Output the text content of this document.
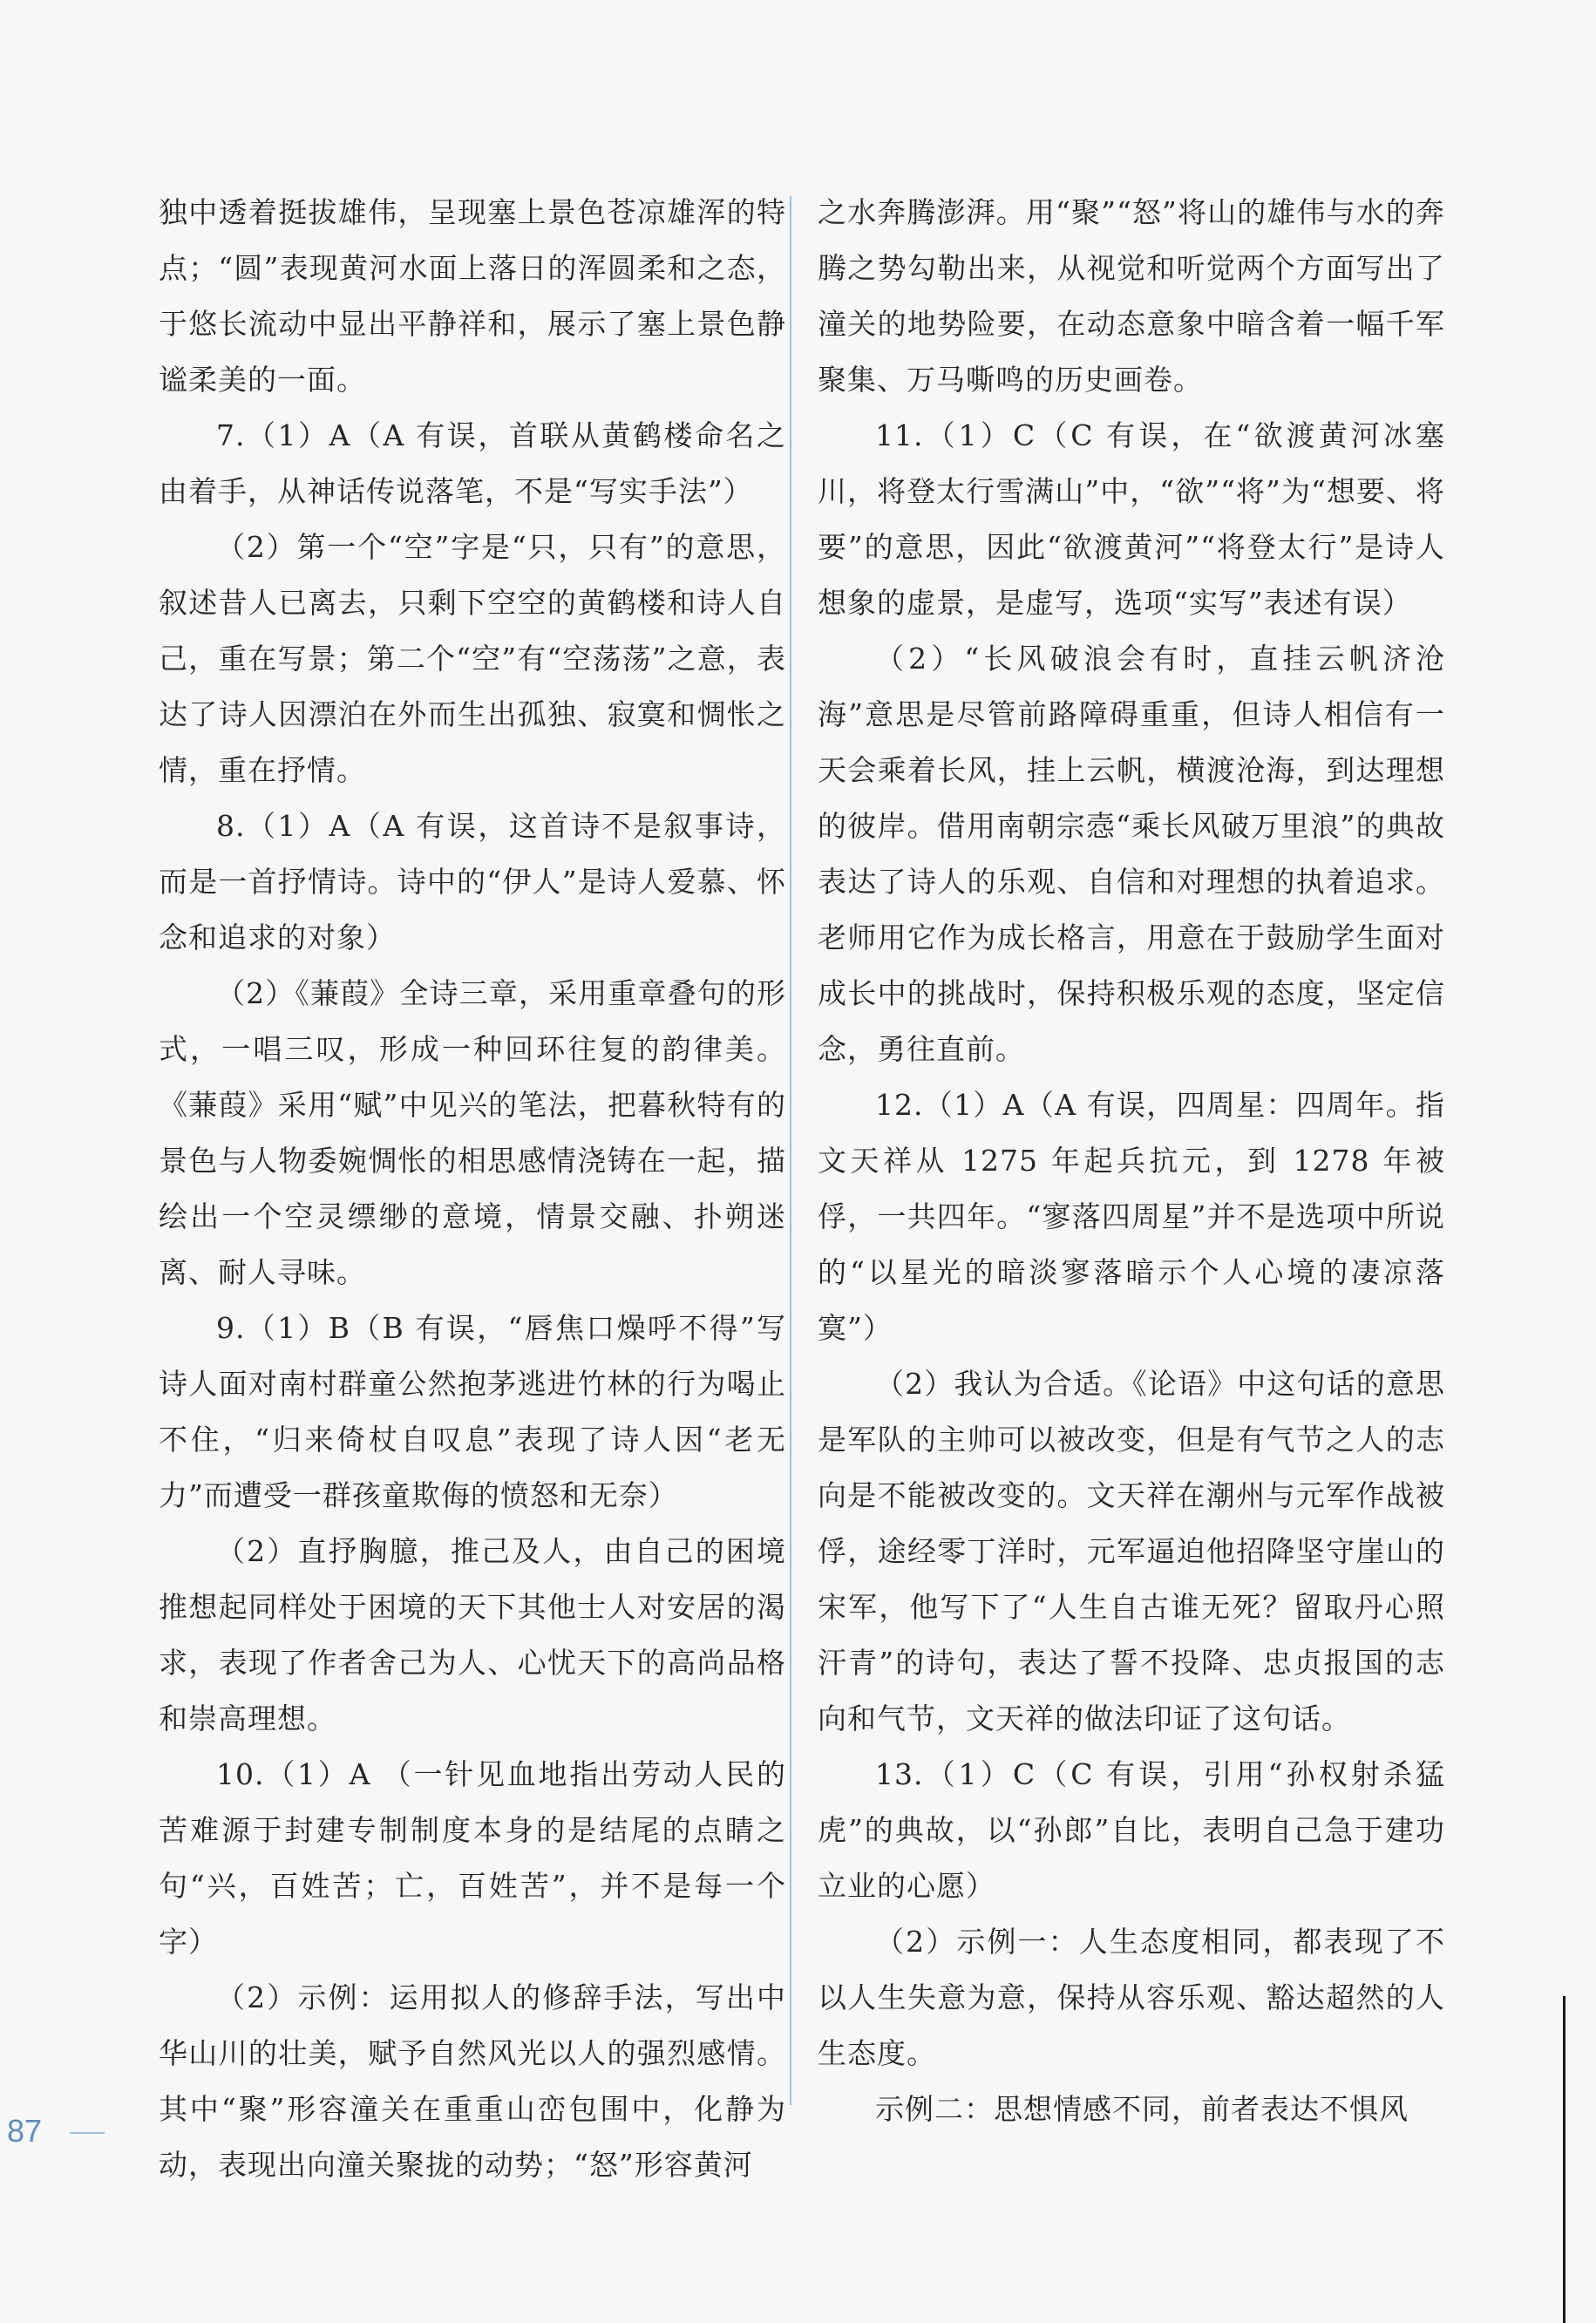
独中透着挺拔雄伟，呈现塞上景色苍凉雄浑的特点；“圆”表现黄河水面上落日的浑圆柔和之态，于悠长流动中显出平静祥和，展示了塞上景色静谧柔美的一面。

7.（1）A（A 有误，首联从黄鹤楼命名之由着手，从神话传说落笔，不是“写实手法”）

（2）第一个“空”字是“只，只有”的意思，叙述昔人已离去，只剩下空空的黄鹤楼和诗人自己，重在写景；第二个“空”有“空荡荡”之意，表达了诗人因漂泊在外而生出孤独、寂寞和惆怅之情，重在抒情。

8.（1）A（A 有误，这首诗不是叙事诗，而是一首抒情诗。诗中的“伊人”是诗人爱慕、怀念和追求的对象）

（2）《蒹葭》全诗三章，采用重章叠句的形式，一唱三叹，形成一种回环往复的韵律美。《蒹葭》采用“赋”中见兴的笔法，把暮秋特有的景色与人物委婉惆怅的相思感情浇铸在一起，描绘出一个空灵缥缈的意境，情景交融、扑朔迷离、耐人寻味。

9.（1）B（B 有误，“唇焦口燥呼不得”写诗人面对南村群童公然抱茅逃进竹林的行为喝止不住，“归来倚杖自叹息”表现了诗人因“老无力”而遭受一群孩童欺侮的愤怒和无奈）

（2）直抒胸臆，推己及人，由自己的困境推想起同样处于困境的天下其他士人对安居的渴求，表现了作者舍己为人、心忧天下的高尚品格和崇高理想。

10.（1）A （一针见血地指出劳动人民的苦难源于封建专制制度本身的是结尾的点睛之句“兴，百姓苦；亡，百姓苦”，并不是每一个字）

（2）示例：运用拟人的修辞手法，写出中华山川的壮美，赋予自然风光以人的强烈感情。其中“聚”形容潼关在重重山峦包围中，化静为动，表现出向潼关聚拢的动势；“怒”形容黄河

之水奔腾澎湃。用“聚”“怒”将山的雄伟与水的奔腾之势勾勒出来，从视觉和听觉两个方面写出了潼关的地势险要，在动态意象中暗含着一幅千军聚集、万马嘶鸣的历史画卷。

11.（1）C（C 有误，在“欲渡黄河冰塞川，将登太行雪满山”中，“欲”“将”为“想要、将要”的意思，因此“欲渡黄河”“将登太行”是诗人想象的虚景，是虚写，选项“实写”表述有误）

（2）“长风破浪会有时，直挂云帆济沧海”意思是尽管前路障碍重重，但诗人相信有一天会乘着长风，挂上云帆，横渡沧海，到达理想的彼岸。借用南朝宗悫“乘长风破万里浪”的典故表达了诗人的乐观、自信和对理想的执着追求。老师用它作为成长格言，用意在于鼓励学生面对成长中的挑战时，保持积极乐观的态度，坚定信念，勇往直前。

12.（1）A（A 有误，四周星：四周年。指文天祥从 1275 年起兵抗元，到 1278 年被俘，一共四年。“寥落四周星”并不是选项中所说的“以星光的暗淡寥落暗示个人心境的凄凉落寞”）

（2）我认为合适。《论语》中这句话的意思是军队的主帅可以被改变，但是有气节之人的志向是不能被改变的。文天祥在潮州与元军作战被俘，途经零丁洋时，元军逼迫他招降坚守崖山的宋军，他写下了“人生自古谁无死？留取丹心照汗青”的诗句，表达了誓不投降、忠贞报国的志向和气节，文天祥的做法印证了这句话。

13.（1）C（C 有误，引用“孙权射杀猛虎”的典故，以“孙郎”自比，表明自己急于建功立业的心愿）

（2）示例一：人生态度相同，都表现了不以人生失意为意，保持从容乐观、豁达超然的人生态度。

示例二：思想情感不同，前者表达不惧风

87
